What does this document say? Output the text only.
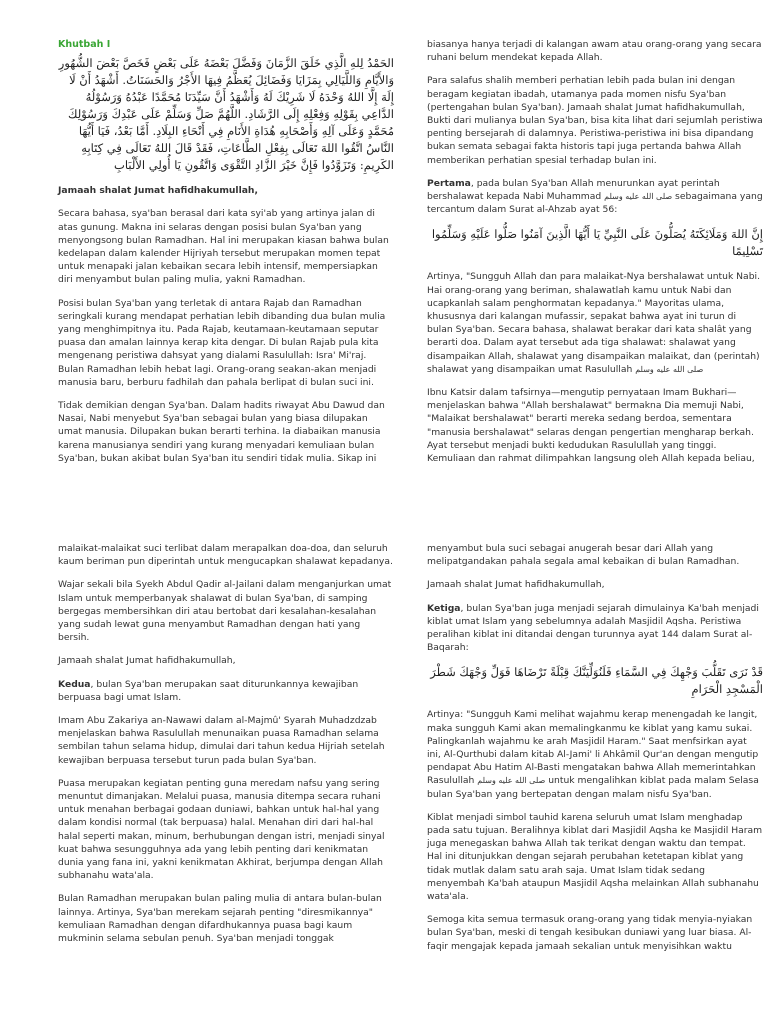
Khutbah I
الحَمْدُ لِلهِ الَّذِي خَلَقَ الزَّمَانَ وَفَضَّلَ بَعْضَهُ عَلَى بَعْضٍ فَخَصَّ بَعْضَ الشُّهُورِ وَالأَيَّامِ وَاللَّيَالِي بِمَزَايَا وَفَضَائِلَ يُعَظَّمُ فِيهَا الأَجْرُ وَالحَسَنَاتُ. أَشْهَدُ أَنْ لَا إِلَهَ إِلَّا اللهُ وَحْدَهُ لَا شَرِيْكَ لَهُ وَأَشْهَدُ أَنَّ سَيِّدَنَا مُحَمَّدًا عَبْدُهُ وَرَسُوْلُهُ الدَّاعِي بِقَوْلِهِ وَفِعْلِهِ إِلَى الرَّشَادِ. اللَّهُمَّ صَلِّ وَسَلِّمْ عَلَى عَبْدِكَ وَرَسُوْلِكَ مُحَمَّدٍ وَعَلَى آلِهِ وَأَصْحَابِهِ هُدَاةِ الأَنَامِ فِي أَنْحَاءِ البِلَادِ. أَمَّا بَعْدُ، فَيَا أَيُّهَا النَّاسُ اتَّقُوا اللهَ تَعَالَى بِفِعْلِ الطَّاعَاتِ، فَقَدْ قَالَ اللهُ تَعَالَى فِي كِتَابِهِ الكَرِيمِ: وَتَزَوَّدُوا فَإِنَّ خَيْرَ الزَّادِ التَّقْوَى وَاتَّقُونِ يَا أُولِي الأَلْبَابِ

Jamaah shalat Jumat hafidhakumullah,

Secara bahasa, sya'ban berasal dari kata syi'ab yang artinya jalan di atas gunung. Makna ini selaras dengan posisi bulan Sya'ban yang menyongsong bulan Ramadhan. Hal ini merupakan kiasan bahwa bulan kedelapan dalam kalender Hijriyah tersebut merupakan momen tepat untuk menapaki jalan kebaikan secara lebih intensif, mempersiapkan diri menyambut bulan paling mulia, yakni Ramadhan.

Posisi bulan Sya'ban yang terletak di antara Rajab dan Ramadhan seringkali kurang mendapat perhatian lebih dibanding dua bulan mulia yang menghimpitnya itu. Pada Rajab, keutamaan-keutamaan seputar puasa dan amalan lainnya kerap kita dengar. Di bulan Rajab pula kita mengenang peristiwa dahsyat yang dialami Rasulullah: Isra' Mi'raj. Bulan Ramadhan lebih hebat lagi. Orang-orang seakan-akan menjadi manusia baru, berburu fadhilah dan pahala berlipat di bulan suci ini.

Tidak demikian dengan Sya'ban. Dalam hadits riwayat Abu Dawud dan Nasai, Nabi menyebut Sya'ban sebagai bulan yang biasa dilupakan umat manusia. Dilupakan bukan berarti terhina. Ia diabaikan manusia karena manusianya sendiri yang kurang menyadari kemuliaan bulan Sya'ban, bukan akibat bulan Sya'ban itu sendiri tidak mulia. Sikap ini

biasanya hanya terjadi di kalangan awam atau orang-orang yang secara ruhani belum mendekat kepada Allah.

Para salafus shalih memberi perhatian lebih pada bulan ini dengan beragam kegiatan ibadah, utamanya pada momen nisfu Sya'ban (pertengahan bulan Sya'ban). Jamaah shalat Jumat hafidhakumullah, Bukti dari mulianya bulan Sya'ban, bisa kita lihat dari sejumlah peristiwa penting bersejarah di dalamnya. Peristiwa-peristiwa ini bisa dipandang bukan semata sebagai fakta historis tapi juga pertanda bahwa Allah memberikan perhatian spesial terhadap bulan ini.

Pertama, pada bulan Sya'ban Allah menurunkan ayat perintah bershalawat kepada Nabi Muhammad صلى الله عليه وسلم sebagaimana yang tercantum dalam Surat al-Ahzab ayat 56:

إِنَّ اللهَ وَمَلَائِكَتَهُ يُصَلُّونَ عَلَى النَّبِيِّ يَا أَيُّهَا الَّذِينَ آمَنُوا صَلُّوا عَلَيْهِ وَسَلِّمُوا تَسْلِيمًا

Artinya, "Sungguh Allah dan para malaikat-Nya bershalawat untuk Nabi. Hai orang-orang yang beriman, shalawatlah kamu untuk Nabi dan ucapkanlah salam penghormatan kepadanya." Mayoritas ulama, khususnya dari kalangan mufassir, sepakat bahwa ayat ini turun di bulan Sya'ban. Secara bahasa, shalawat berakar dari kata shalât yang berarti doa. Dalam ayat tersebut ada tiga shalawat: shalawat yang disampaikan Allah, shalawat yang disampaikan malaikat, dan (perintah) shalawat yang disampaikan umat Rasulullah صلى الله عليه وسلم

Ibnu Katsir dalam tafsirnya—mengutip pernyataan Imam Bukhari—menjelaskan bahwa "Allah bershalawat" bermakna Dia memuji Nabi, "Malaikat bershalawat" berarti mereka sedang berdoa, sementara "manusia bershalawat" selaras dengan pengertian mengharap berkah. Ayat tersebut menjadi bukti kedudukan Rasulullah yang tinggi. Kemuliaan dan rahmat dilimpahkan langsung oleh Allah kepada beliau,

malaikat-malaikat suci terlibat dalam merapalkan doa-doa, dan seluruh kaum beriman pun diperintah untuk mengucapkan shalawat kepadanya.

Wajar sekali bila Syekh Abdul Qadir al-Jailani dalam menganjurkan umat Islam untuk memperbanyak shalawat di bulan Sya'ban, di samping bergegas membersihkan diri atau bertobat dari kesalahan-kesalahan yang sudah lewat guna menyambut Ramadhan dengan hati yang bersih.

Jamaah shalat Jumat hafidhakumullah,

Kedua, bulan Sya'ban merupakan saat diturunkannya kewajiban berpuasa bagi umat Islam.

Imam Abu Zakariya an-Nawawi dalam al-Majmû' Syarah Muhadzdzab menjelaskan bahwa Rasulullah menunaikan puasa Ramadhan selama sembilan tahun selama hidup, dimulai dari tahun kedua Hijriah setelah kewajiban berpuasa tersebut turun pada bulan Sya'ban.

Puasa merupakan kegiatan penting guna meredam nafsu yang sering menuntut dimanjakan. Melalui puasa, manusia ditempa secara ruhani untuk menahan berbagai godaan duniawi, bahkan untuk hal-hal yang dalam kondisi normal (tak berpuasa) halal. Menahan diri dari hal-hal halal seperti makan, minum, berhubungan dengan istri, menjadi sinyal kuat bahwa sesungguhnya ada yang lebih penting dari kenikmatan dunia yang fana ini, yakni kenikmatan Akhirat, berjumpa dengan Allah subhanahu wata'ala.

Bulan Ramadhan merupakan bulan paling mulia di antara bulan-bulan lainnya. Artinya, Sya'ban merekam sejarah penting "diresmikannya" kemuliaan Ramadhan dengan difardhukannya puasa bagi kaum mukminin selama sebulan penuh. Sya'ban menjadi tonggak

menyambut bula suci sebagai anugerah besar dari Allah yang melipatgandakan pahala segala amal kebaikan di bulan Ramadhan.

Jamaah shalat Jumat hafidhakumullah,

Ketiga, bulan Sya'ban juga menjadi sejarah dimulainya Ka'bah menjadi kiblat umat Islam yang sebelumnya adalah Masjidil Aqsha. Peristiwa peralihan kiblat ini ditandai dengan turunnya ayat 144 dalam Surat al-Baqarah:

قَدْ نَرَى تَقَلُّبَ وَجْهِكَ فِي السَّمَاءِ فَلَنُوَلِّيَنَّكَ قِبْلَةً تَرْضَاهَا فَوَلِّ وَجْهَكَ شَطْرَ الْمَسْجِدِ الْحَرَامِ

Artinya: "Sungguh Kami melihat wajahmu kerap menengadah ke langit, maka sungguh Kami akan memalingkanmu ke kiblat yang kamu sukai. Palingkanlah wajahmu ke arah Masjidil Haram." Saat menfsirkan ayat ini, Al-Qurthubi dalam kitab Al-Jami' li Ahkâmil Qur'an dengan mengutip pendapat Abu Hatim Al-Basti mengatakan bahwa Allah memerintahkan Rasulullah صلى الله عليه وسلم untuk mengalihkan kiblat pada malam Selasa bulan Sya'ban yang bertepatan dengan malam nisfu Sya'ban.

Kiblat menjadi simbol tauhid karena seluruh umat Islam menghadap pada satu tujuan. Beralihnya kiblat dari Masjidil Aqsha ke Masjidil Haram juga menegaskan bahwa Allah tak terikat dengan waktu dan tempat. Hal ini ditunjukkan dengan sejarah perubahan ketetapan kiblat yang tidak mutlak dalam satu arah saja. Umat Islam tidak sedang menyembah Ka'bah ataupun Masjidil Aqsha melainkan Allah subhanahu wata'ala.

Semoga kita semua termasuk orang-orang yang tidak menyia-nyiakan bulan Sya'ban, meski di tengah kesibukan duniawi yang luar biasa. Al-faqir mengajak kepada jamaah sekalian untuk menyisihkan waktu
